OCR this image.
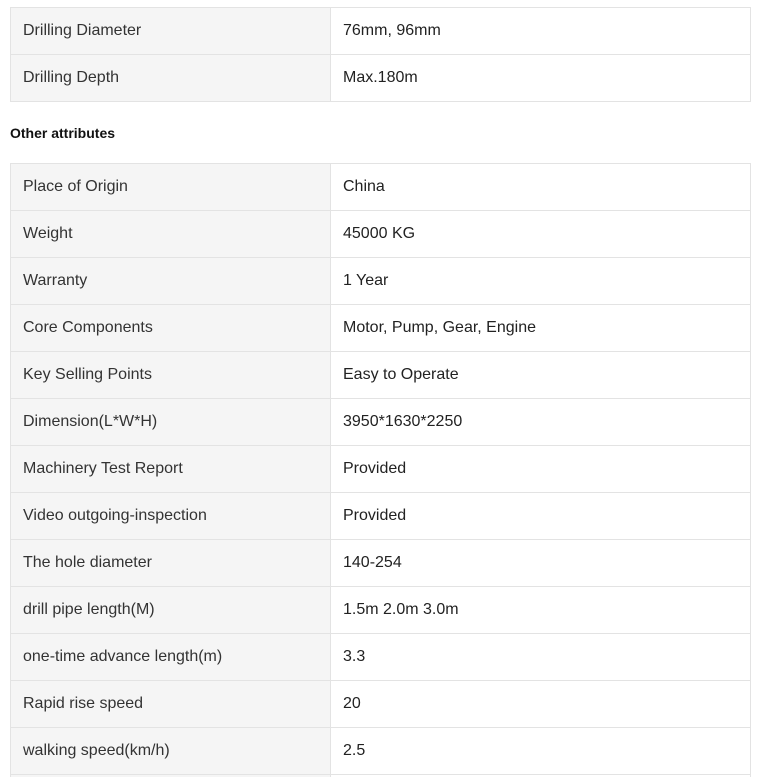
Drilling Diameter	76mm, 96mm
Drilling Depth	Max.180m
Other attributes
Place of Origin	China
Weight	45000 KG
Warranty	1 Year
Core Components	Motor, Pump, Gear, Engine
Key Selling Points	Easy to Operate
Dimension(L*W*H)	3950*1630*2250
Machinery Test Report	Provided
Video outgoing-inspection	Provided
The hole diameter	140-254
drill pipe length(M)	1.5m 2.0m 3.0m
one-time advance length(m)	3.3
Rapid rise speed	20
walking speed(km/h)	2.5
